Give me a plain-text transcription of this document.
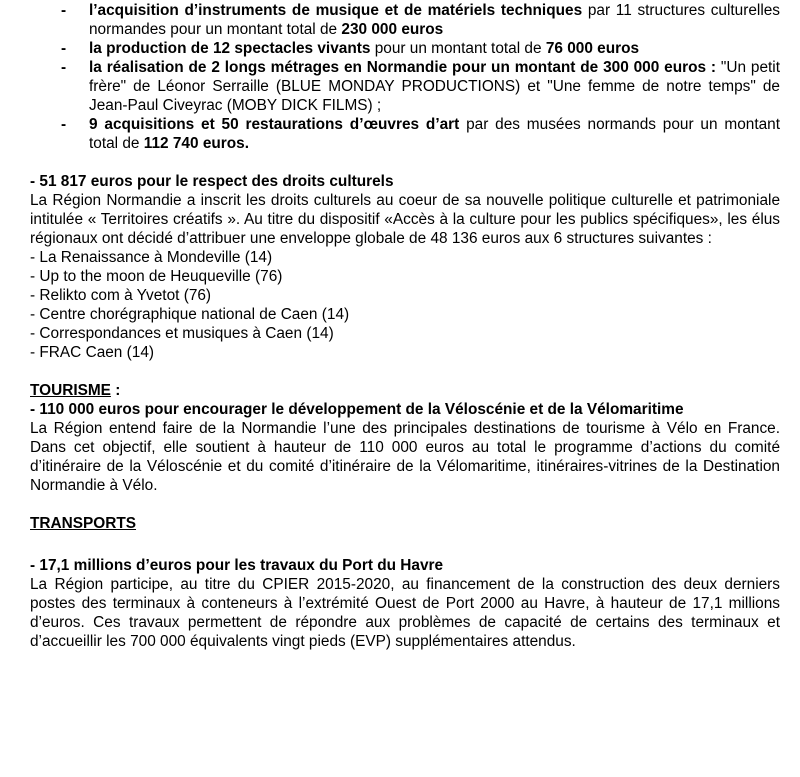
- l’acquisition d’instruments de musique et de matériels techniques par 11 structures culturelles normandes pour un montant total de 230 000 euros
- la production de 12 spectacles vivants pour un montant total de 76 000 euros
- la réalisation de 2 longs métrages en Normandie pour un montant de 300 000 euros : "Un petit frère" de Léonor Serraille (BLUE MONDAY PRODUCTIONS) et "Une femme de notre temps" de Jean-Paul Civeyrac (MOBY DICK FILMS) ;
- 9 acquisitions et 50 restaurations d’œuvres d’art par des musées normands pour un montant total de 112 740 euros.
- 51 817 euros pour le respect des droits culturels
La Région Normandie a inscrit les droits culturels au coeur de sa nouvelle politique culturelle et patrimoniale intitulée « Territoires créatifs ». Au titre du dispositif «Accès à la culture pour les publics spécifiques», les élus régionaux ont décidé d’attribuer une enveloppe globale de 48 136 euros aux 6 structures suivantes :
- La Renaissance à Mondeville (14)
- Up to the moon de Heuqueville (76)
- Relikto com à Yvetot (76)
- Centre chorégraphique national de Caen (14)
- Correspondances et musiques à Caen (14)
- FRAC Caen (14)
TOURISME :
- 110 000 euros pour encourager le développement de la Véloscénie et de la Vélomaritime
La Région entend faire de la Normandie l’une des principales destinations de tourisme à Vélo en France. Dans cet objectif, elle soutient à hauteur de 110 000 euros au total le programme d’actions du comité d’itinéraire de la Véloscénie et du comité d’itinéraire de la Vélomaritime, itinéraires-vitrines de la Destination Normandie à Vélo.
TRANSPORTS
- 17,1 millions d’euros pour les travaux du Port du Havre
La Région participe, au titre du CPIER 2015-2020, au financement de la construction des deux derniers postes des terminaux à conteneurs à l’extrémité Ouest de Port 2000 au Havre, à hauteur de 17,1 millions d’euros. Ces travaux permettent de répondre aux problèmes de capacité de certains des terminaux et d’accueillir les 700 000 équivalents vingt pieds (EVP) supplémentaires attendus.
